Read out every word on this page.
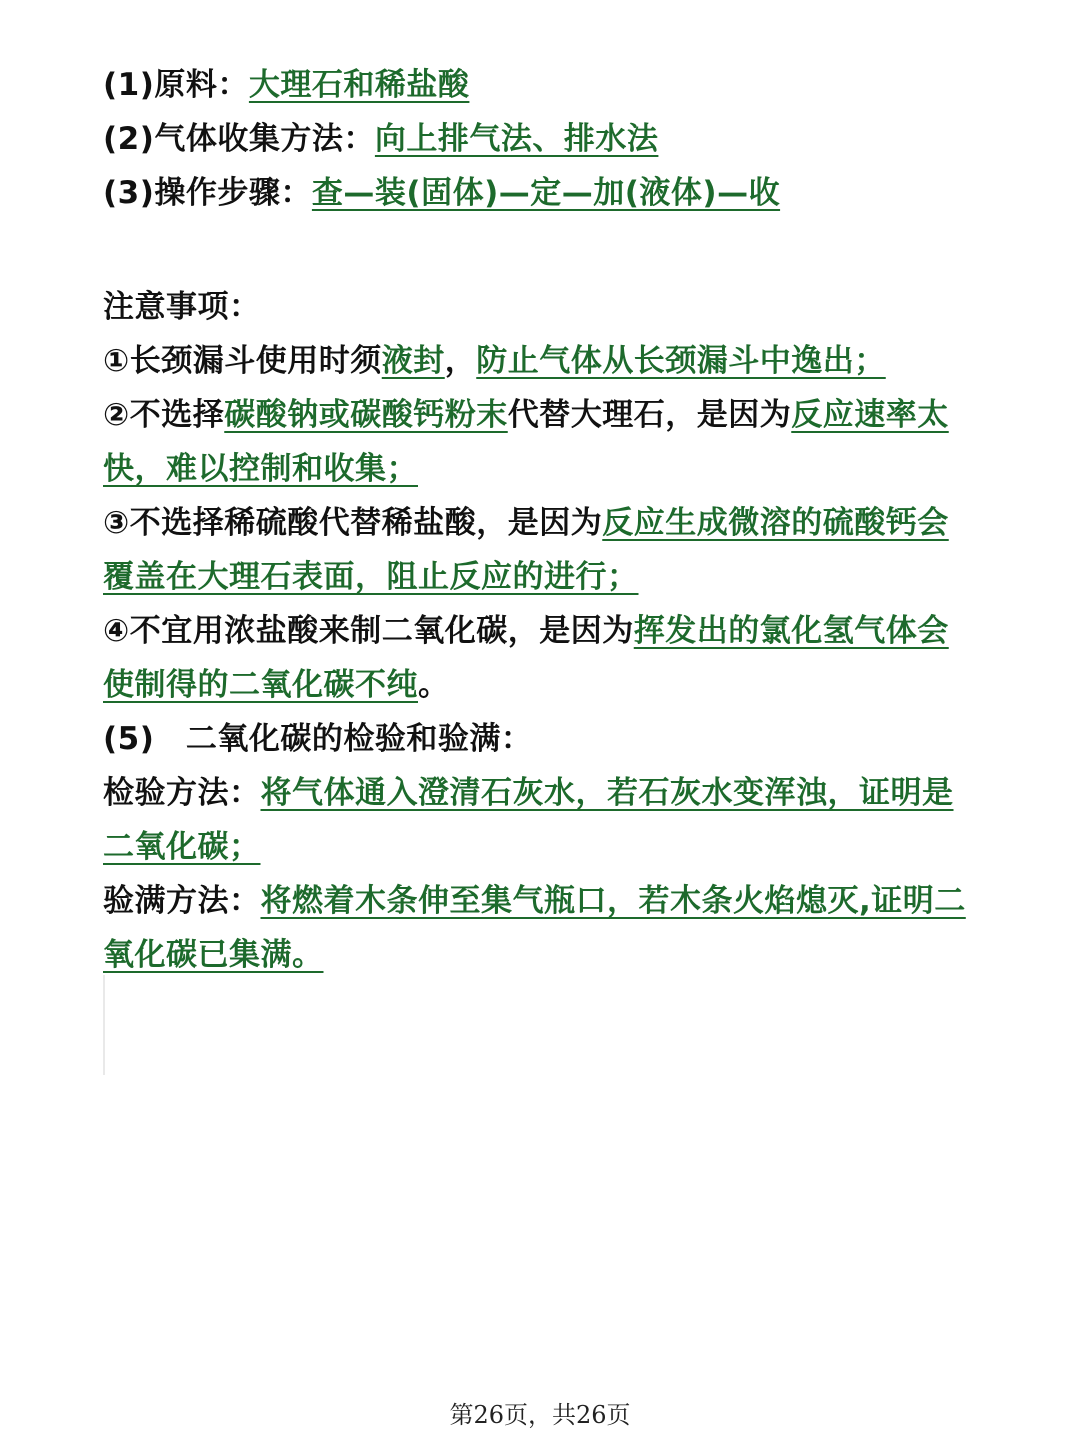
(1)原料：大理石和稀盐酸
(2)气体收集方法：向上排气法、排水法
(3)操作步骤：查—装(固体)—定—加(液体)—收
注意事项：
①长颈漏斗使用时须液封，防止气体从长颈漏斗中逸出；
②不选择碳酸钠或碳酸钙粉末代替大理石，是因为反应速率太
快，难以控制和收集；
③不选择稀硫酸代替稀盐酸，是因为反应生成微溶的硫酸钙会
覆盖在大理石表面，阻止反应的进行；
④不宜用浓盐酸来制二氧化碳，是因为挥发出的氯化氢气体会
使制得的二氧化碳不纯。
(5)　二氧化碳的检验和验满：
检验方法：将气体通入澄清石灰水，若石灰水变浑浊，证明是
二氧化碳；
验满方法：将燃着木条伸至集气瓶口，若木条火焰熄灭,证明二
氧化碳已集满。
第26页，共26页
